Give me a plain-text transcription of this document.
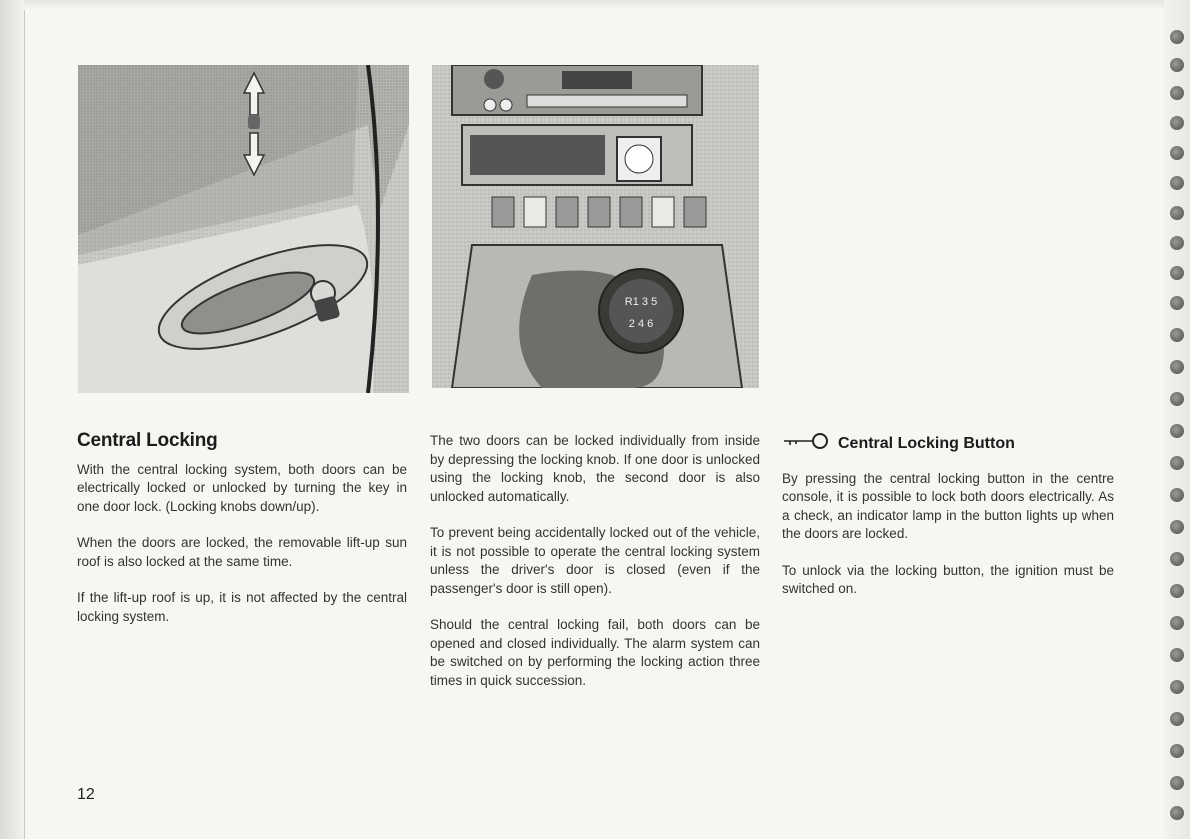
R1 3 5
2 4 6
Central Locking

With the central locking system, both doors can be electrically locked or unlocked by turning the key in one door lock. (Locking knobs down/up).

When the doors are locked, the removable lift-up sun roof is also locked at the same time.

If the lift-up roof is up, it is not affected by the central locking system.

The two doors can be locked individually from inside by depressing the locking knob. If one door is unlocked using the locking knob, the second door is also unlocked automatically.

To prevent being accidentally locked out of the vehicle, it is not possible to operate the central locking system unless the driver's door is closed (even if the passenger's door is still open).

Should the central locking fail, both doors can be opened and closed individually. The alarm system can be switched on by performing the locking action three times in quick succession.

Central Locking Button

By pressing the central locking button in the centre console, it is possible to lock both doors electrically. As a check, an indicator lamp in the button lights up when the doors are locked.

To unlock via the locking button, the ignition must be switched on.

12
